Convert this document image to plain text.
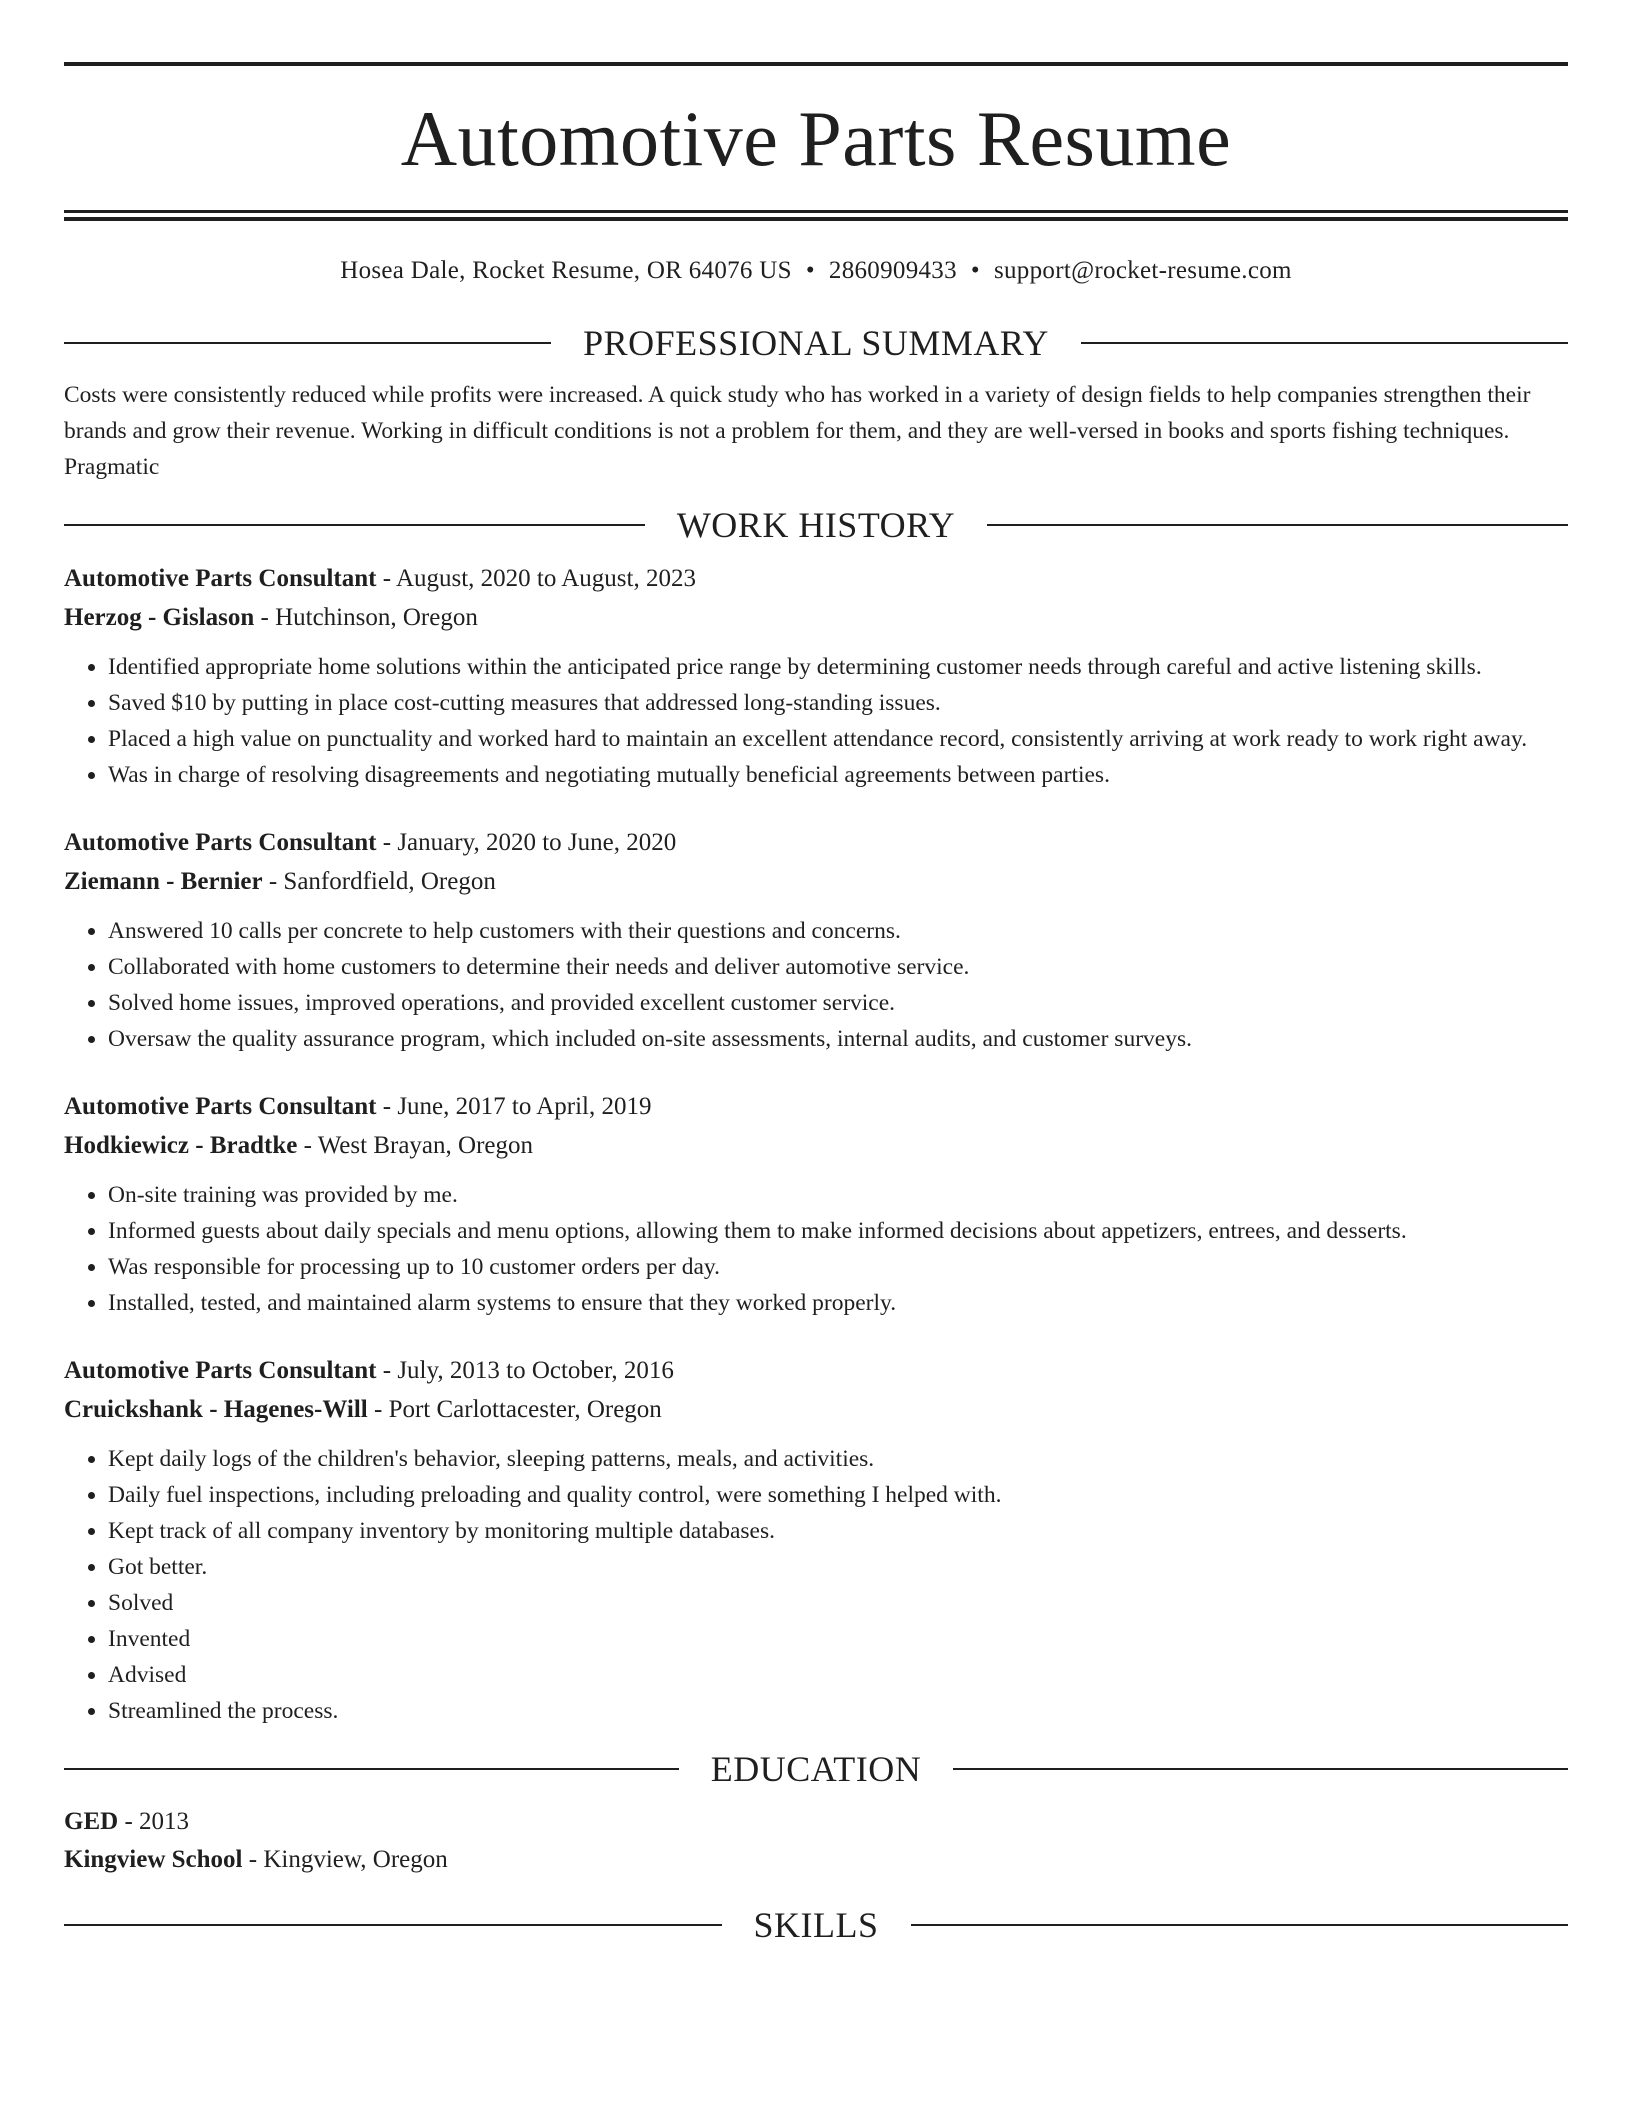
Automotive Parts Resume
Hosea Dale, Rocket Resume, OR 64076 US • 2860909433 • support@rocket-resume.com
PROFESSIONAL SUMMARY

Costs were consistently reduced while profits were increased. A quick study who has worked in a variety of design fields to help companies strengthen their brands and grow their revenue. Working in difficult conditions is not a problem for them, and they are well-versed in books and sports fishing techniques. Pragmatic

WORK HISTORY
Automotive Parts Consultant - August, 2020 to August, 2023
Herzog - Gislason - Hutchinson, Oregon
• Identified appropriate home solutions within the anticipated price range by determining customer needs through careful and active listening skills.
• Saved $10 by putting in place cost-cutting measures that addressed long-standing issues.
• Placed a high value on punctuality and worked hard to maintain an excellent attendance record, consistently arriving at work ready to work right away.
• Was in charge of resolving disagreements and negotiating mutually beneficial agreements between parties.
Automotive Parts Consultant - January, 2020 to June, 2020
Ziemann - Bernier - Sanfordfield, Oregon
• Answered 10 calls per concrete to help customers with their questions and concerns.
• Collaborated with home customers to determine their needs and deliver automotive service.
• Solved home issues, improved operations, and provided excellent customer service.
• Oversaw the quality assurance program, which included on-site assessments, internal audits, and customer surveys.
Automotive Parts Consultant - June, 2017 to April, 2019
Hodkiewicz - Bradtke - West Brayan, Oregon
• On-site training was provided by me.
• Informed guests about daily specials and menu options, allowing them to make informed decisions about appetizers, entrees, and desserts.
• Was responsible for processing up to 10 customer orders per day.
• Installed, tested, and maintained alarm systems to ensure that they worked properly.
Automotive Parts Consultant - July, 2013 to October, 2016
Cruickshank - Hagenes-Will - Port Carlottacester, Oregon
• Kept daily logs of the children's behavior, sleeping patterns, meals, and activities.
• Daily fuel inspections, including preloading and quality control, were something I helped with.
• Kept track of all company inventory by monitoring multiple databases.
• Got better.
• Solved
• Invented
• Advised
• Streamlined the process.
EDUCATION
GED - 2013
Kingview School - Kingview, Oregon
SKILLS
